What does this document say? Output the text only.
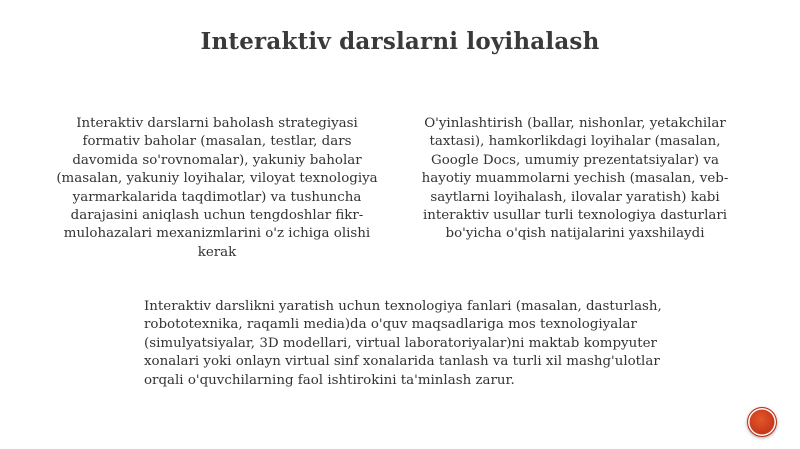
Interaktiv darslarni loyihalash
Interaktiv darslarni baholash strategiyasi formativ baholar (masalan, testlar, dars davomida so'rovnomalar), yakuniy baholar (masalan, yakuniy loyihalar, viloyat texnologiya yarmarkalarida taqdimotlar) va tushuncha darajasini aniqlash uchun tengdoshlar fikr-mulohazalari mexanizmlarini o'z ichiga olishi kerak
O'yinlashtirish (ballar, nishonlar, yetakchilar taxtasi), hamkorlikdagi loyihalar (masalan, Google Docs, umumiy prezentatsiyalar) va hayotiy muammolarni yechish (masalan, veb-saytlarni loyihalash, ilovalar yaratish) kabi interaktiv usullar turli texnologiya dasturlari bo'yicha o'qish natijalarini yaxshilaydi
Interaktiv darslikni yaratish uchun texnologiya fanlari (masalan, dasturlash, robototexnika, raqamli media)da o'quv maqsadlariga mos texnologiyalar (simulyatsiyalar, 3D modellari, virtual laboratoriyalar)ni maktab kompyuter xonalari yoki onlayn virtual sinf xonalarida tanlash va turli xil mashg'ulotlar orqali o'quvchilarning faol ishtirokini ta'minlash zarur.
